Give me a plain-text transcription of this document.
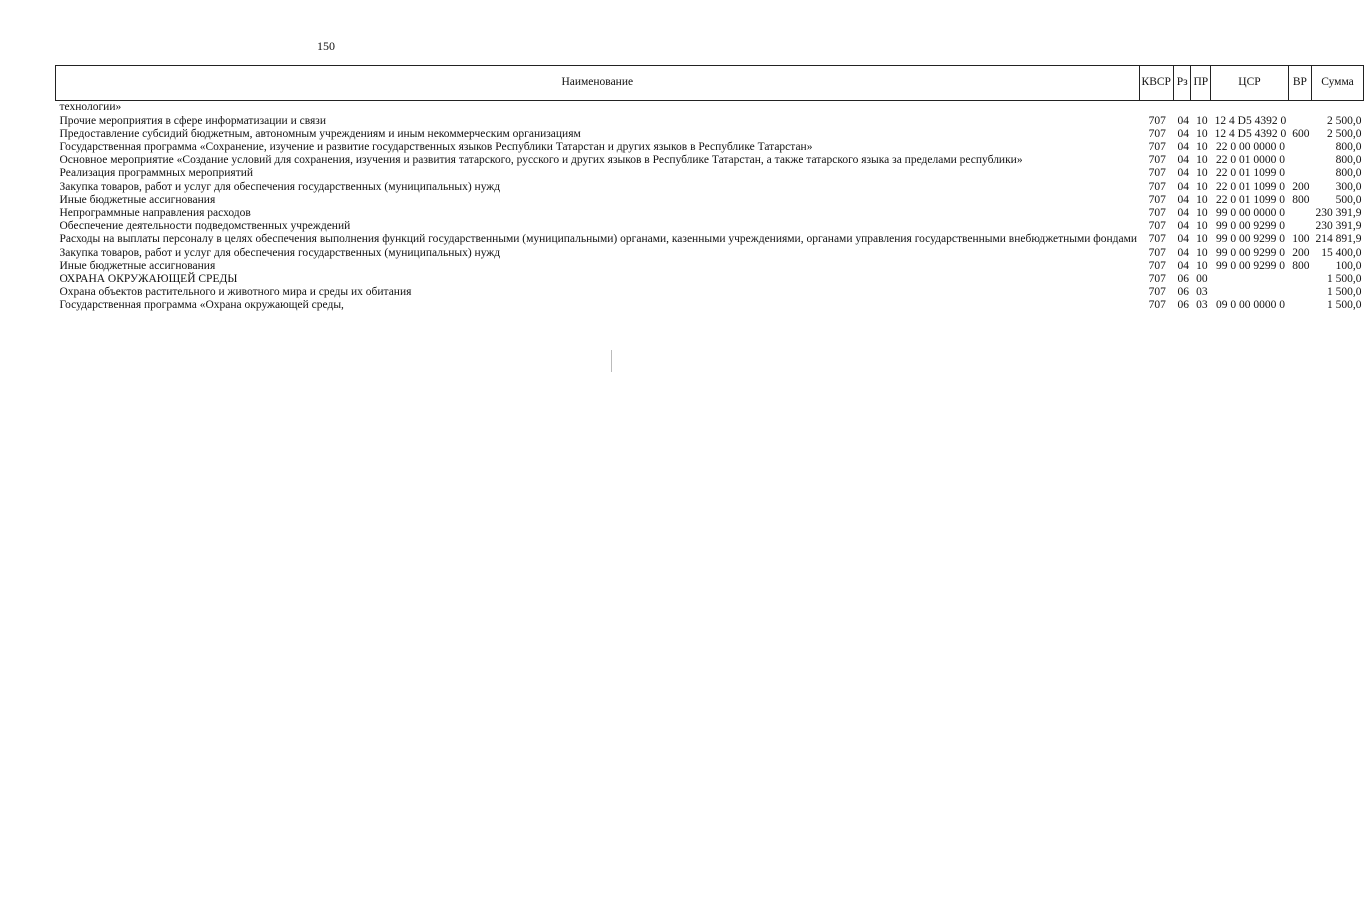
150
Наименование	КВСР	Рз	ПР	ЦСР	ВР	Сумма
технологии»						
Прочие мероприятия в сфере информатизации и связи	707	04	10	12 4 D5 4392 0		2 500,0
Предоставление субсидий бюджетным, автономным учреждениям и иным некоммерческим организациям	707	04	10	12 4 D5 4392 0	600	2 500,0
Государственная программа «Сохранение, изучение и развитие государственных языков Республики Татарстан и других языков в Республике Татарстан»	707	04	10	22 0 00 0000 0		800,0
Основное мероприятие «Создание условий для сохранения, изучения и развития татарского, русского и других языков в Республике Татарстан, а также татарского языка за пределами республики»	707	04	10	22 0 01 0000 0		800,0
Реализация программных мероприятий	707	04	10	22 0 01 1099 0		800,0
Закупка товаров, работ и услуг для обеспечения государственных (муниципальных) нужд	707	04	10	22 0 01 1099 0	200	300,0
Иные бюджетные ассигнования	707	04	10	22 0 01 1099 0	800	500,0
Непрограммные направления расходов	707	04	10	99 0 00 0000 0		230 391,9
Обеспечение деятельности подведомственных учреждений	707	04	10	99 0 00 9299 0		230 391,9
Расходы на выплаты персоналу в целях обеспечения выполнения функций государственными (муниципальными) органами, казенными учреждениями, органами управления государственными внебюджетными фондами	707	04	10	99 0 00 9299 0	100	214 891,9
Закупка товаров, работ и услуг для обеспечения государственных (муниципальных) нужд	707	04	10	99 0 00 9299 0	200	15 400,0
Иные бюджетные ассигнования	707	04	10	99 0 00 9299 0	800	100,0
ОХРАНА ОКРУЖАЮЩЕЙ СРЕДЫ	707	06	00			1 500,0
Охрана объектов растительного и животного мира и среды их обитания	707	06	03			1 500,0
Государственная программа «Охрана окружающей среды,	707	06	03	09 0 00 0000 0		1 500,0
